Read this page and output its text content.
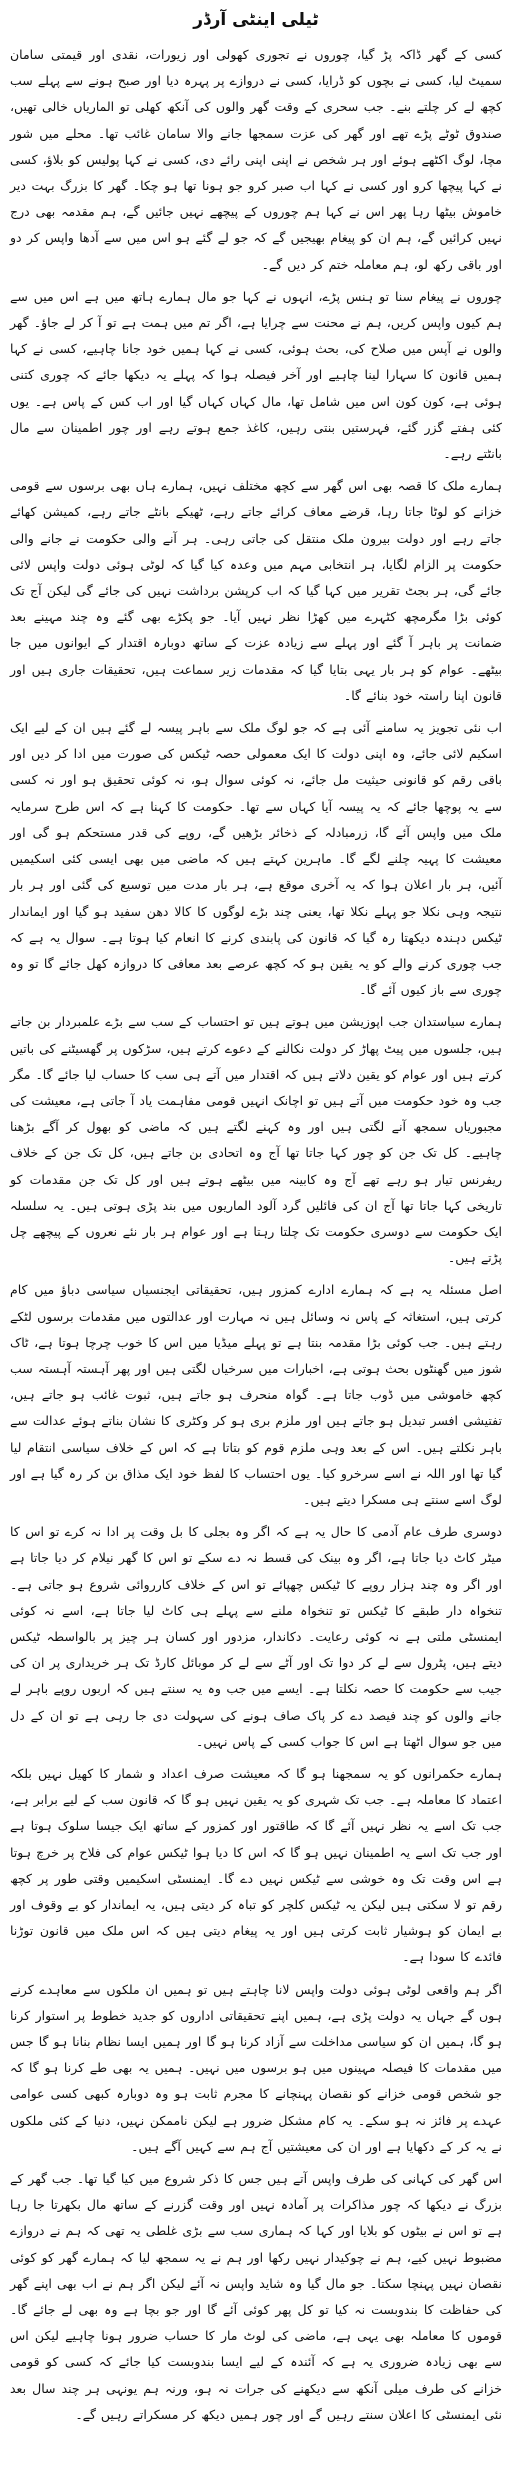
ٹیلی اینٹی آرڈر

کسی کے گھر ڈاکہ پڑ گیا، چوروں نے تجوری کھولی اور زیورات، نقدی اور قیمتی سامان سمیٹ لیا، کسی نے بچوں کو ڈرایا، کسی نے دروازے پر پہرہ دیا اور صبح ہونے سے پہلے سب کچھ لے کر چلتے بنے۔ جب سحری کے وقت گھر والوں کی آنکھ کھلی تو الماریاں خالی تھیں، صندوق ٹوٹے پڑے تھے اور گھر کی عزت سمجھا جانے والا سامان غائب تھا۔ محلے میں شور مچا، لوگ اکٹھے ہوئے اور ہر شخص نے اپنی اپنی رائے دی، کسی نے کہا پولیس کو بلاؤ، کسی نے کہا پیچھا کرو اور کسی نے کہا اب صبر کرو جو ہونا تھا ہو چکا۔ گھر کا بزرگ بہت دیر خاموش بیٹھا رہا پھر اس نے کہا ہم چوروں کے پیچھے نہیں جائیں گے، ہم مقدمہ بھی درج نہیں کرائیں گے، ہم ان کو پیغام بھیجیں گے کہ جو لے گئے ہو اس میں سے آدھا واپس کر دو اور باقی رکھ لو، ہم معاملہ ختم کر دیں گے۔

چوروں نے پیغام سنا تو ہنس پڑے، انہوں نے کہا جو مال ہمارے ہاتھ میں ہے اس میں سے ہم کیوں واپس کریں، ہم نے محنت سے چرایا ہے، اگر تم میں ہمت ہے تو آ کر لے جاؤ۔ گھر والوں نے آپس میں صلاح کی، بحث ہوئی، کسی نے کہا ہمیں خود جانا چاہیے، کسی نے کہا ہمیں قانون کا سہارا لینا چاہیے اور آخر فیصلہ ہوا کہ پہلے یہ دیکھا جائے کہ چوری کتنی ہوئی ہے، کون کون اس میں شامل تھا، مال کہاں کہاں گیا اور اب کس کے پاس ہے۔ یوں کئی ہفتے گزر گئے، فہرستیں بنتی رہیں، کاغذ جمع ہوتے رہے اور چور اطمینان سے مال بانٹتے رہے۔

ہمارے ملک کا قصہ بھی اس گھر سے کچھ مختلف نہیں، ہمارے ہاں بھی برسوں سے قومی خزانے کو لوٹا جاتا رہا، قرضے معاف کرائے جاتے رہے، ٹھیکے بانٹے جاتے رہے، کمیشن کھائے جاتے رہے اور دولت بیرون ملک منتقل کی جاتی رہی۔ ہر آنے والی حکومت نے جانے والی حکومت پر الزام لگایا، ہر انتخابی مہم میں وعدہ کیا گیا کہ لوٹی ہوئی دولت واپس لائی جائے گی، ہر بجٹ تقریر میں کہا گیا کہ اب کرپشن برداشت نہیں کی جائے گی لیکن آج تک کوئی بڑا مگرمچھ کٹہرے میں کھڑا نظر نہیں آیا۔ جو پکڑے بھی گئے وہ چند مہینے بعد ضمانت پر باہر آ گئے اور پہلے سے زیادہ عزت کے ساتھ دوبارہ اقتدار کے ایوانوں میں جا بیٹھے۔ عوام کو ہر بار یہی بتایا گیا کہ مقدمات زیر سماعت ہیں، تحقیقات جاری ہیں اور قانون اپنا راستہ خود بنائے گا۔

اب نئی تجویز یہ سامنے آئی ہے کہ جو لوگ ملک سے باہر پیسہ لے گئے ہیں ان کے لیے ایک اسکیم لائی جائے، وہ اپنی دولت کا ایک معمولی حصہ ٹیکس کی صورت میں ادا کر دیں اور باقی رقم کو قانونی حیثیت مل جائے، نہ کوئی سوال ہو، نہ کوئی تحقیق ہو اور نہ کسی سے یہ پوچھا جائے کہ یہ پیسہ آیا کہاں سے تھا۔ حکومت کا کہنا ہے کہ اس طرح سرمایہ ملک میں واپس آئے گا، زرمبادلہ کے ذخائر بڑھیں گے، روپے کی قدر مستحکم ہو گی اور معیشت کا پہیہ چلنے لگے گا۔ ماہرین کہتے ہیں کہ ماضی میں بھی ایسی کئی اسکیمیں آئیں، ہر بار اعلان ہوا کہ یہ آخری موقع ہے، ہر بار مدت میں توسیع کی گئی اور ہر بار نتیجہ وہی نکلا جو پہلے نکلا تھا، یعنی چند بڑے لوگوں کا کالا دھن سفید ہو گیا اور ایماندار ٹیکس دہندہ دیکھتا رہ گیا کہ قانون کی پابندی کرنے کا انعام کیا ہوتا ہے۔ سوال یہ ہے کہ جب چوری کرنے والے کو یہ یقین ہو کہ کچھ عرصے بعد معافی کا دروازہ کھل جائے گا تو وہ چوری سے باز کیوں آئے گا۔

ہمارے سیاستدان جب اپوزیشن میں ہوتے ہیں تو احتساب کے سب سے بڑے علمبردار بن جاتے ہیں، جلسوں میں پیٹ پھاڑ کر دولت نکالنے کے دعوے کرتے ہیں، سڑکوں پر گھسیٹنے کی باتیں کرتے ہیں اور عوام کو یقین دلاتے ہیں کہ اقتدار میں آتے ہی سب کا حساب لیا جائے گا۔ مگر جب وہ خود حکومت میں آتے ہیں تو اچانک انہیں قومی مفاہمت یاد آ جاتی ہے، معیشت کی مجبوریاں سمجھ آنے لگتی ہیں اور وہ کہنے لگتے ہیں کہ ماضی کو بھول کر آگے بڑھنا چاہیے۔ کل تک جن کو چور کہا جاتا تھا آج وہ اتحادی بن جاتے ہیں، کل تک جن کے خلاف ریفرنس تیار ہو رہے تھے آج وہ کابینہ میں بیٹھے ہوتے ہیں اور کل تک جن مقدمات کو تاریخی کہا جاتا تھا آج ان کی فائلیں گرد آلود الماریوں میں بند پڑی ہوتی ہیں۔ یہ سلسلہ ایک حکومت سے دوسری حکومت تک چلتا رہتا ہے اور عوام ہر بار نئے نعروں کے پیچھے چل پڑتے ہیں۔

اصل مسئلہ یہ ہے کہ ہمارے ادارے کمزور ہیں، تحقیقاتی ایجنسیاں سیاسی دباؤ میں کام کرتی ہیں، استغاثہ کے پاس نہ وسائل ہیں نہ مہارت اور عدالتوں میں مقدمات برسوں لٹکے رہتے ہیں۔ جب کوئی بڑا مقدمہ بنتا ہے تو پہلے میڈیا میں اس کا خوب چرچا ہوتا ہے، ٹاک شوز میں گھنٹوں بحث ہوتی ہے، اخبارات میں سرخیاں لگتی ہیں اور پھر آہستہ آہستہ سب کچھ خاموشی میں ڈوب جاتا ہے۔ گواہ منحرف ہو جاتے ہیں، ثبوت غائب ہو جاتے ہیں، تفتیشی افسر تبدیل ہو جاتے ہیں اور ملزم بری ہو کر وکٹری کا نشان بناتے ہوئے عدالت سے باہر نکلتے ہیں۔ اس کے بعد وہی ملزم قوم کو بتاتا ہے کہ اس کے خلاف سیاسی انتقام لیا گیا تھا اور اللہ نے اسے سرخرو کیا۔ یوں احتساب کا لفظ خود ایک مذاق بن کر رہ گیا ہے اور لوگ اسے سنتے ہی مسکرا دیتے ہیں۔

دوسری طرف عام آدمی کا حال یہ ہے کہ اگر وہ بجلی کا بل وقت پر ادا نہ کرے تو اس کا میٹر کاٹ دیا جاتا ہے، اگر وہ بینک کی قسط نہ دے سکے تو اس کا گھر نیلام کر دیا جاتا ہے اور اگر وہ چند ہزار روپے کا ٹیکس چھپائے تو اس کے خلاف کارروائی شروع ہو جاتی ہے۔ تنخواہ دار طبقے کا ٹیکس تو تنخواہ ملنے سے پہلے ہی کاٹ لیا جاتا ہے، اسے نہ کوئی ایمنسٹی ملتی ہے نہ کوئی رعایت۔ دکاندار، مزدور اور کسان ہر چیز پر بالواسطہ ٹیکس دیتے ہیں، پٹرول سے لے کر دوا تک اور آٹے سے لے کر موبائل کارڈ تک ہر خریداری پر ان کی جیب سے حکومت کا حصہ نکلتا ہے۔ ایسے میں جب وہ یہ سنتے ہیں کہ اربوں روپے باہر لے جانے والوں کو چند فیصد دے کر پاک صاف ہونے کی سہولت دی جا رہی ہے تو ان کے دل میں جو سوال اٹھتا ہے اس کا جواب کسی کے پاس نہیں۔

ہمارے حکمرانوں کو یہ سمجھنا ہو گا کہ معیشت صرف اعداد و شمار کا کھیل نہیں بلکہ اعتماد کا معاملہ ہے۔ جب تک شہری کو یہ یقین نہیں ہو گا کہ قانون سب کے لیے برابر ہے، جب تک اسے یہ نظر نہیں آئے گا کہ طاقتور اور کمزور کے ساتھ ایک جیسا سلوک ہوتا ہے اور جب تک اسے یہ اطمینان نہیں ہو گا کہ اس کا دیا ہوا ٹیکس عوام کی فلاح پر خرچ ہوتا ہے اس وقت تک وہ خوشی سے ٹیکس نہیں دے گا۔ ایمنسٹی اسکیمیں وقتی طور پر کچھ رقم تو لا سکتی ہیں لیکن یہ ٹیکس کلچر کو تباہ کر دیتی ہیں، یہ ایماندار کو بے وقوف اور بے ایمان کو ہوشیار ثابت کرتی ہیں اور یہ پیغام دیتی ہیں کہ اس ملک میں قانون توڑنا فائدے کا سودا ہے۔

اگر ہم واقعی لوٹی ہوئی دولت واپس لانا چاہتے ہیں تو ہمیں ان ملکوں سے معاہدے کرنے ہوں گے جہاں یہ دولت پڑی ہے، ہمیں اپنے تحقیقاتی اداروں کو جدید خطوط پر استوار کرنا ہو گا، ہمیں ان کو سیاسی مداخلت سے آزاد کرنا ہو گا اور ہمیں ایسا نظام بنانا ہو گا جس میں مقدمات کا فیصلہ مہینوں میں ہو برسوں میں نہیں۔ ہمیں یہ بھی طے کرنا ہو گا کہ جو شخص قومی خزانے کو نقصان پہنچانے کا مجرم ثابت ہو وہ دوبارہ کبھی کسی عوامی عہدے پر فائز نہ ہو سکے۔ یہ کام مشکل ضرور ہے لیکن ناممکن نہیں، دنیا کے کئی ملکوں نے یہ کر کے دکھایا ہے اور ان کی معیشتیں آج ہم سے کہیں آگے ہیں۔

اس گھر کی کہانی کی طرف واپس آتے ہیں جس کا ذکر شروع میں کیا گیا تھا۔ جب گھر کے بزرگ نے دیکھا کہ چور مذاکرات پر آمادہ نہیں اور وقت گزرنے کے ساتھ مال بکھرتا جا رہا ہے تو اس نے بیٹوں کو بلایا اور کہا کہ ہماری سب سے بڑی غلطی یہ تھی کہ ہم نے دروازے مضبوط نہیں کیے، ہم نے چوکیدار نہیں رکھا اور ہم نے یہ سمجھ لیا کہ ہمارے گھر کو کوئی نقصان نہیں پہنچا سکتا۔ جو مال گیا وہ شاید واپس نہ آئے لیکن اگر ہم نے اب بھی اپنے گھر کی حفاظت کا بندوبست نہ کیا تو کل پھر کوئی آئے گا اور جو بچا ہے وہ بھی لے جائے گا۔ قوموں کا معاملہ بھی یہی ہے، ماضی کی لوٹ مار کا حساب ضرور ہونا چاہیے لیکن اس سے بھی زیادہ ضروری یہ ہے کہ آئندہ کے لیے ایسا بندوبست کیا جائے کہ کسی کو قومی خزانے کی طرف میلی آنکھ سے دیکھنے کی جرات نہ ہو، ورنہ ہم یونہی ہر چند سال بعد نئی ایمنسٹی کا اعلان سنتے رہیں گے اور چور ہمیں دیکھ کر مسکراتے رہیں گے۔
